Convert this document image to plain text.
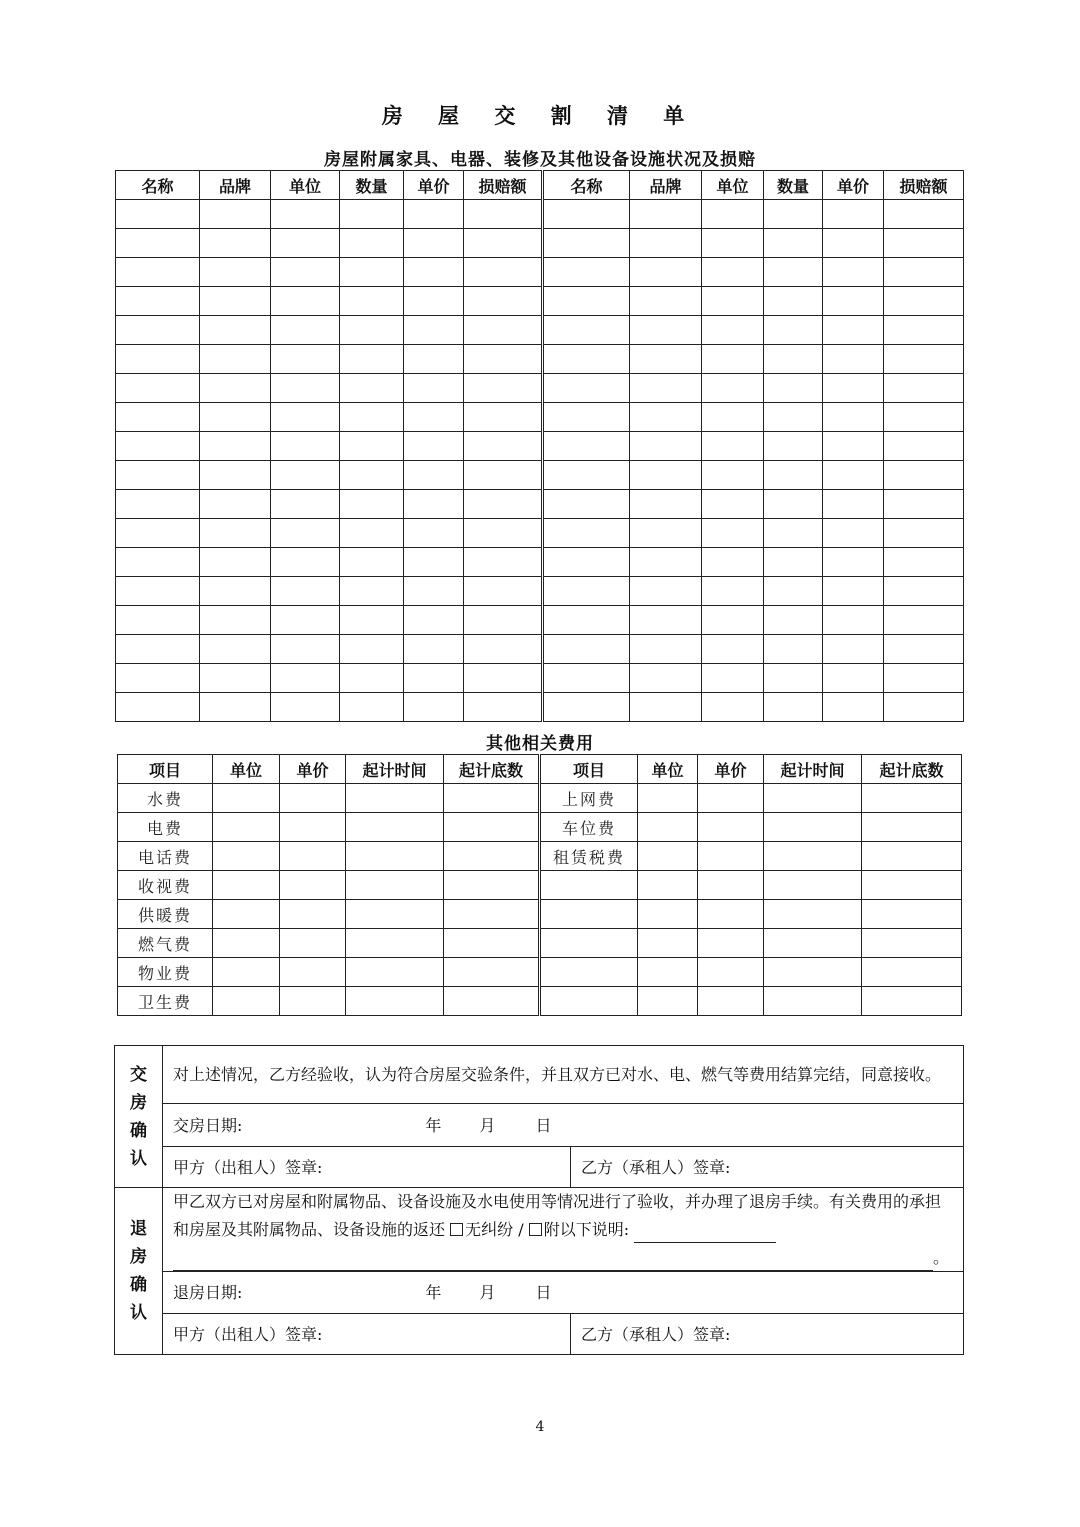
房 屋 交 割 清 单
房屋附属家具、电器、装修及其他设备设施状况及损赔
名称	品牌	单位	数量	单价	损赔额	名称	品牌	单位	数量	单价	损赔额

其他相关费用
项目	单位	单价	起计时间	起计底数	项目	单位	单价	起计时间	起计底数
水费					上网费				
电费					车位费				
电话费					租赁税费				
收视费									
供暖费									
燃气费									
物业费									
卫生费									
交
房
确
认	对上述情况，乙方经验收，认为符合房屋交验条件，并且双方已对水、电、燃气等费用结算完结，同意接收。	
	交房日期: 年 月 日	
	甲方（出租人）签章:	乙方（承租人）签章:

退
房
确
认	甲乙双方已对房屋和附属物品、设备设施及水电使用等情况进行了验收，并办理了退房手续。有关费用的承担和房屋及其附属物品、设备设施的返还 无纠纷 / 附以下说明:
。	
	退房日期: 年 月 日	
	甲方（出租人）签章:	乙方（承租人）签章:
4
